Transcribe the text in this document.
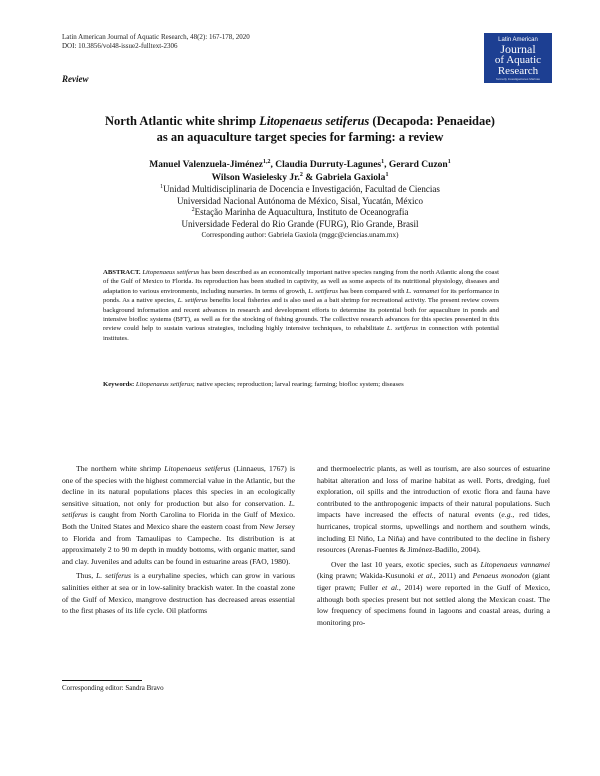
Latin American Journal of Aquatic Research, 48(2): 167-178, 2020
DOI: 10.3856/vol48-issue2-fulltext-2306
Review
Latin American
Journal
of Aquatic
Research
formerly Investigaciones Marinas
North Atlantic white shrimp Litopenaeus setiferus (Decapoda: Penaeidae)
as an aquaculture target species for farming: a review
Manuel Valenzuela-Jiménez$^{1,2}$, Claudia Durruty-Lagunes$^1$, Gerard Cuzon$^1$
Wilson Wasielesky Jr.$^2$ & Gabriela Gaxiola$^1$
$^1$Unidad Multidisciplinaria de Docencia e Investigación, Facultad de Ciencias
Universidad Nacional Autónoma de México, Sisal, Yucatán, México
$^2$Estação Marinha de Aquacultura, Instituto de Oceanografia
Universidade Federal do Rio Grande (FURG), Rio Grande, Brasil
Corresponding author: Gabriela Gaxiola (mggc@ciencias.unam.mx)
ABSTRACT. Litopenaeus setiferus has been described as an economically important native species ranging from the north Atlantic along the coast of the Gulf of Mexico to Florida. Its reproduction has been studied in captivity, as well as some aspects of its nutritional physiology, diseases and adaptation to various environments, including nurseries. In terms of growth, L. setiferus has been compared with L. vannamei for its performance in ponds. As a native species, L. setiferus benefits local fisheries and is also used as a bait shrimp for recreational activity. The present review covers background information and recent advances in research and development efforts to determine its potential both for aquaculture in ponds and intensive biofloc systems (BFT), as well as for the stocking of fishing grounds. The collective research advances for this species presented in this review could help to sustain various strategies, including highly intensive techniques, to rehabilitate L. setiferus in connection with potential institutes.
Keywords: Litopenaeus setiferus; native species; reproduction; larval rearing; farming; biofloc system; diseases

The northern white shrimp Litopenaeus setiferus (Linnaeus, 1767) is one of the species with the highest commercial value in the Atlantic, but the decline in its natural populations places this species in an ecologically sensitive situation, not only for production but also for conservation. L. setiferus is caught from North Carolina to Florida in the Gulf of Mexico. Both the United States and Mexico share the eastern coast from New Jersey to Florida and from Tamaulipas to Campeche. Its distribution is at approximately 2 to 90 m depth in muddy bottoms, with organic matter, sand and clay. Juveniles and adults can be found in estuarine areas (FAO, 1980).

Thus, L. setiferus is a euryhaline species, which can grow in various salinities either at sea or in low-salinity brackish water. In the coastal zone of the Gulf of Mexico, mangrove destruction has decreased areas essential to the first phases of its life cycle. Oil platforms

and thermoelectric plants, as well as tourism, are also sources of estuarine habitat alteration and loss of marine habitat as well. Ports, dredging, fuel exploration, oil spills and the introduction of exotic flora and fauna have contributed to the anthropogenic impacts of their natural populations. Such impacts have increased the effects of natural events (e.g., red tides, hurricanes, tropical storms, upwellings and northern and southern winds, including El Niño, La Niña) and have contributed to the decline in fishery resources (Arenas-Fuentes & Jiménez-Badillo, 2004).

Over the last 10 years, exotic species, such as Litopenaeus vannamei (king prawn; Wakida-Kusunoki et al., 2011) and Penaeus monodon (giant tiger prawn; Fuller et al., 2014) were reported in the Gulf of Mexico, although both species present but not settled along the Mexican coast. The low frequency of specimens found in lagoons and coastal areas, during a monitoring pro-

Corresponding editor: Sandra Bravo
